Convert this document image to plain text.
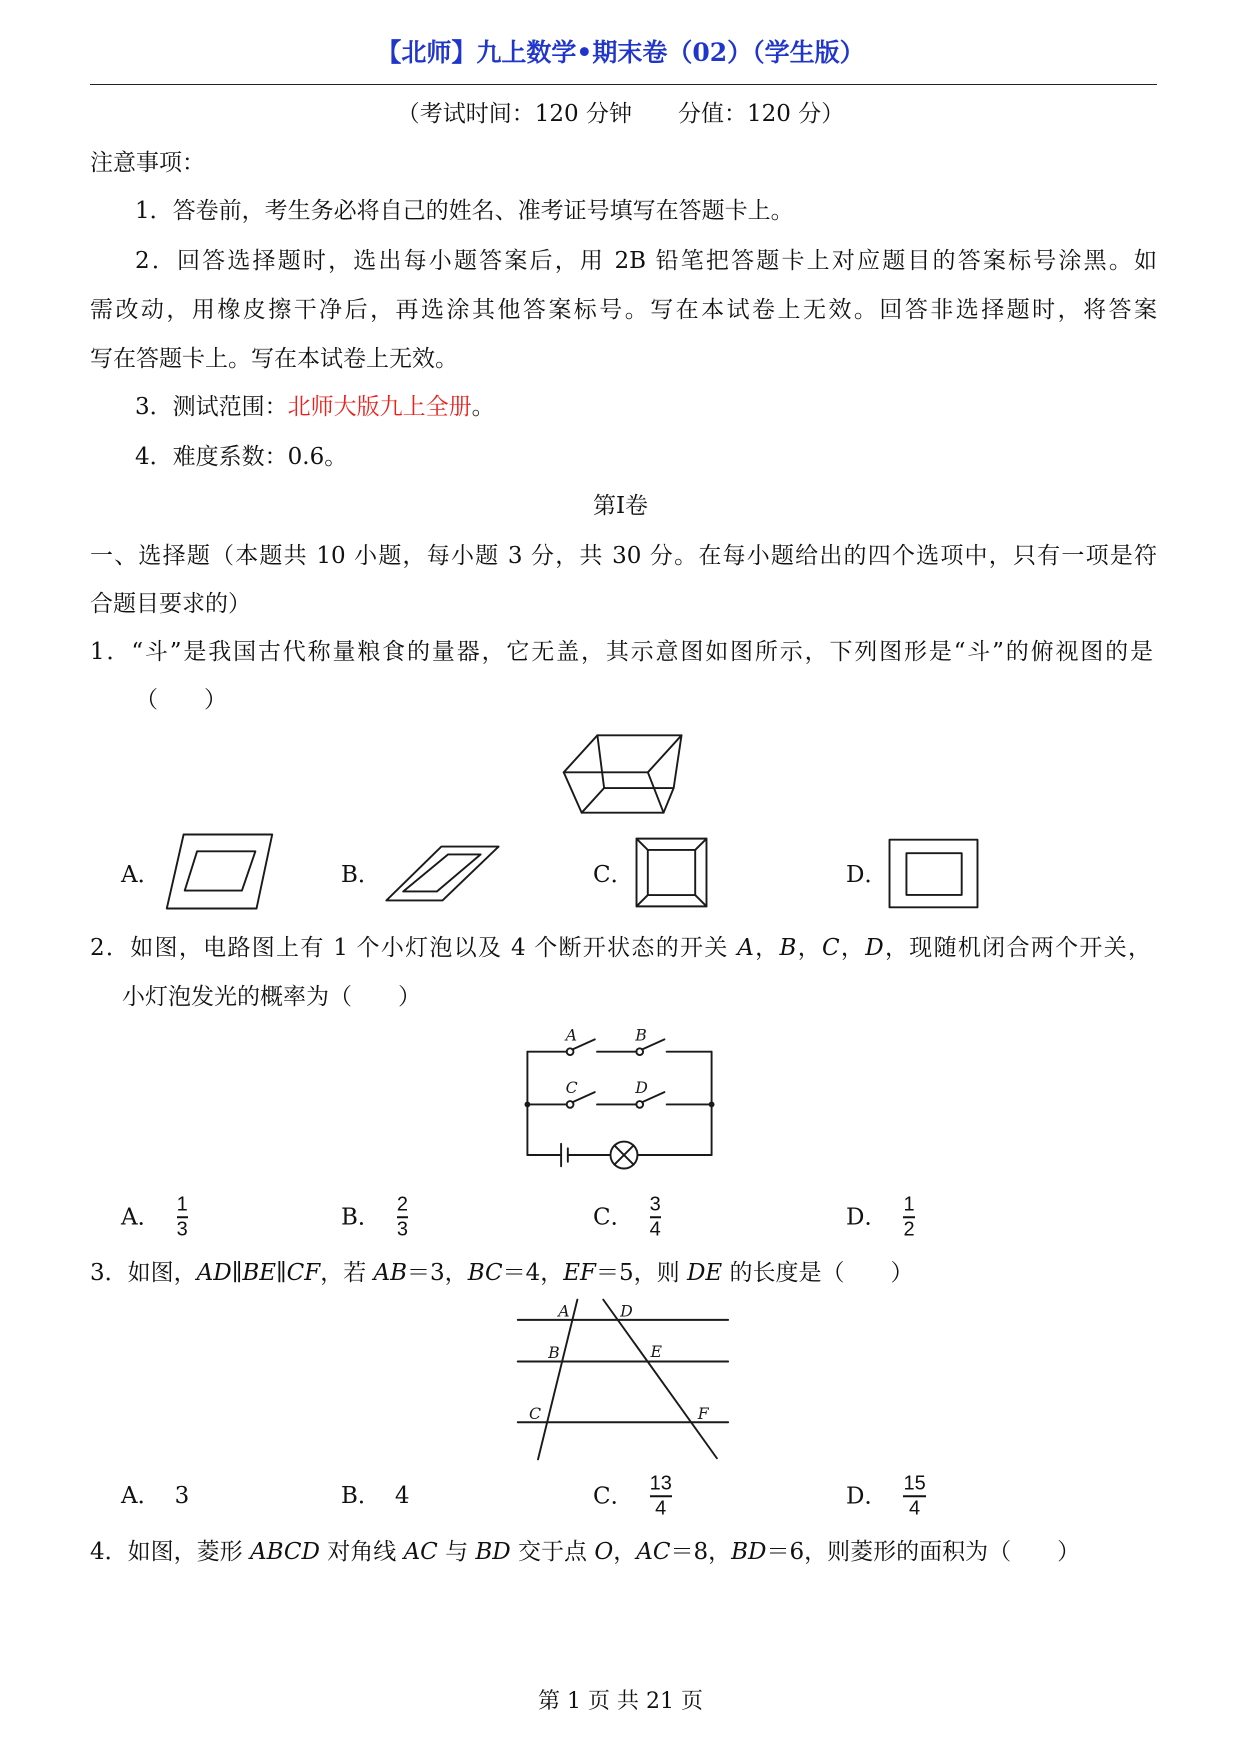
【北师】九上数学•期末卷（02）（学生版）
（考试时间：120 分钟　　分值：120 分）
注意事项：
1．答卷前，考生务必将自己的姓名、准考证号填写在答题卡上。
2．回答选择题时，选出每小题答案后，用 2B 铅笔把答题卡上对应题目的答案标号涂黑。如
需改动，用橡皮擦干净后，再选涂其他答案标号。写在本试卷上无效。回答非选择题时，将答案
写在答题卡上。写在本试卷上无效。
3．测试范围：北师大版九上全册。
4．难度系数：0.6。
第I卷
一、选择题（本题共 10 小题，每小题 3 分，共 30 分。在每小题给出的四个选项中，只有一项是符
合题目要求的）
1．“斗”是我国古代称量粮食的量器，它无盖，其示意图如图所示，下列图形是“斗”的俯视图的是
（　　）
A．	B．	C．	D．
2．如图，电路图上有 1 个小灯泡以及 4 个断开状态的开关 A，B，C，D，现随机闭合两个开关，
小灯泡发光的概率为（　　）
A	B
C	D
A． $\frac{1}{3}$	B． $\frac{2}{3}$	C． $\frac{3}{4}$	D． $\frac{1}{2}$
3．如图，AD∥BE∥CF，若 AB＝3，BC＝4，EF＝5，则 DE 的长度是（　　）
A
B
C
D
E
F
A． 3	B． 4	C． $\frac{13}{4}$	D． $\frac{15}{4}$
4．如图，菱形 ABCD 对角线 AC 与 BD 交于点 O，AC＝8，BD＝6，则菱形的面积为（　　）
第 1 页 共 21 页
